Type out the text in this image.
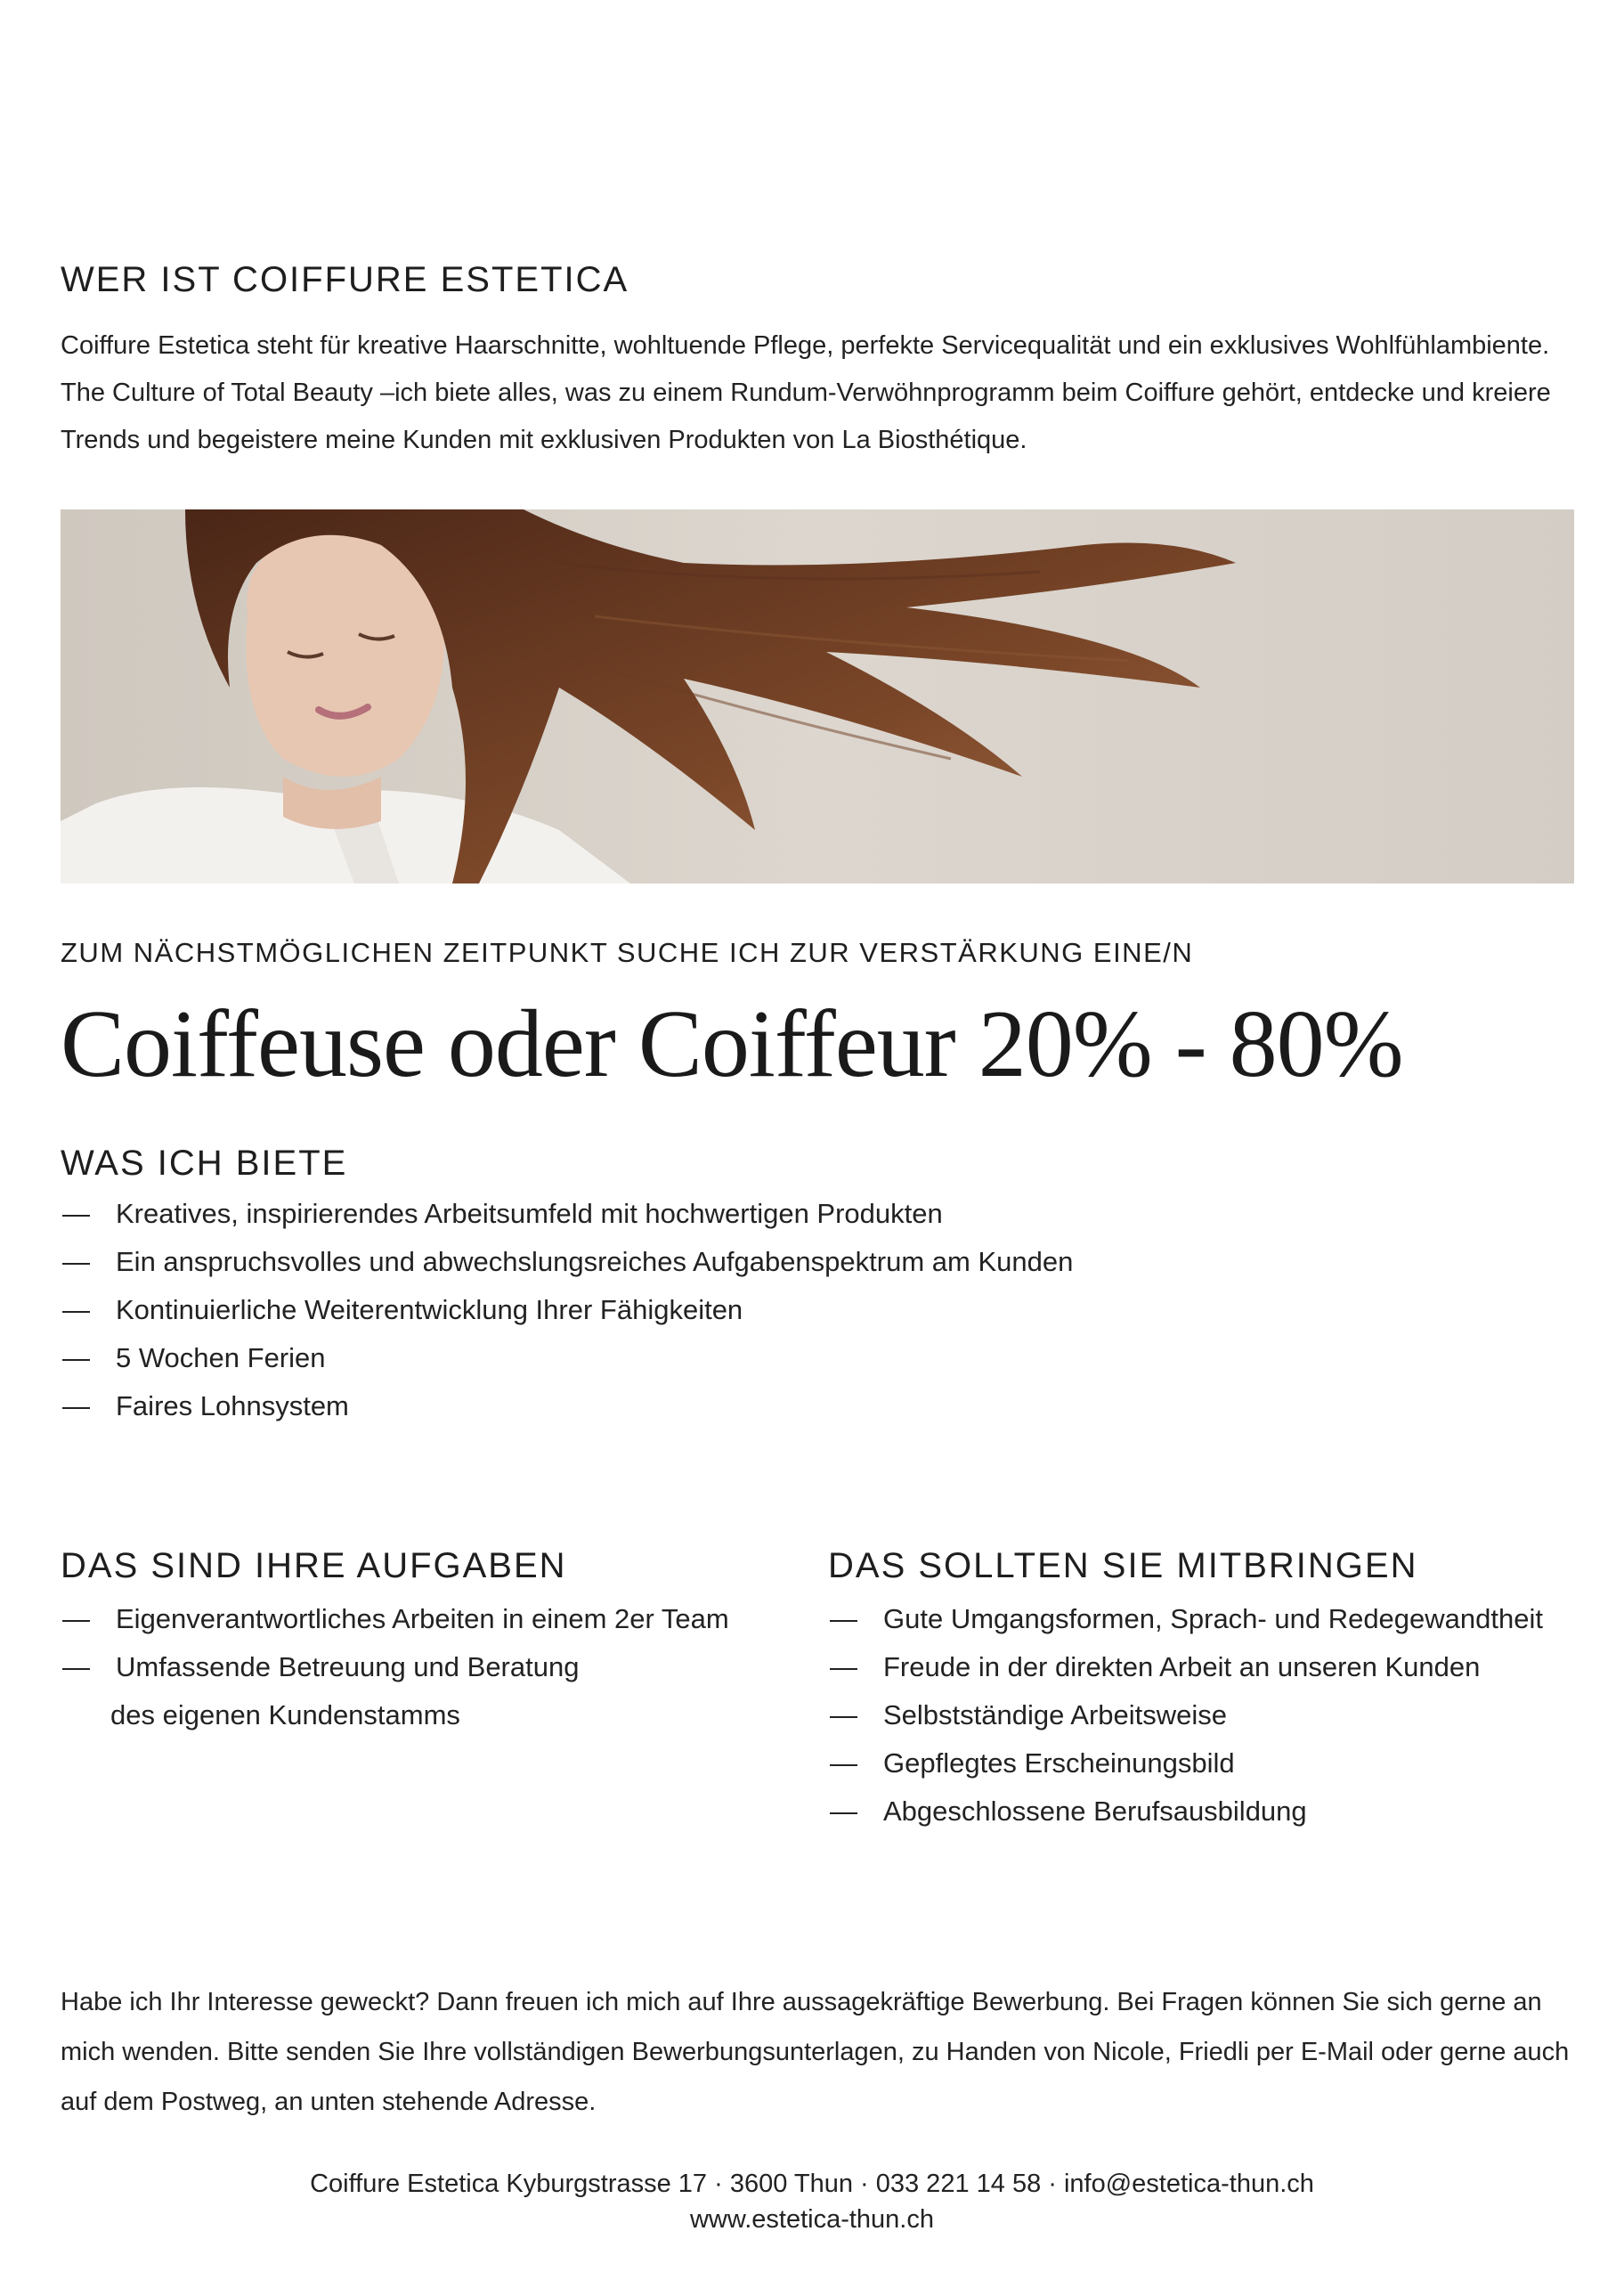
WER IST COIFFURE ESTETICA

Coiffure Estetica steht für kreative Haarschnitte, wohltuende Pflege, perfekte Servicequalität und ein exklusives Wohlfühlambiente. The Culture of Total Beauty –ich biete alles, was zu einem Rundum-Verwöhnprogramm beim Coiffure gehört, entdecke und kreiere Trends und begeistere meine Kunden mit exklusiven Produkten von La Biosthétique.

ZUM NÄCHSTMÖGLICHEN ZEITPUNKT SUCHE ICH ZUR VERSTÄRKUNG EINE/N
Coiffeuse oder Coiffeur 20% - 80%
WAS ICH BIETE
— Kreatives, inspirierendes Arbeitsumfeld mit hochwertigen Produkten
— Ein anspruchsvolles und abwechslungsreiches Aufgabenspektrum am Kunden
— Kontinuierliche Weiterentwicklung Ihrer Fähigkeiten
— 5 Wochen Ferien
— Faires Lohnsystem
DAS SIND IHRE AUFGABEN
— Eigenverantwortliches Arbeiten in einem 2er Team
— Umfassende Betreuung und Beratung
des eigenen Kundenstamms
DAS SOLLTEN SIE MITBRINGEN
— Gute Umgangsformen, Sprach- und Redegewandtheit
— Freude in der direkten Arbeit an unseren Kunden
— Selbstständige Arbeitsweise
— Gepflegtes Erscheinungsbild
— Abgeschlossene Berufsausbildung

Habe ich Ihr Interesse geweckt? Dann freuen ich mich auf Ihre aussagekräftige Bewerbung. Bei Fragen können Sie sich gerne an mich wenden. Bitte senden Sie Ihre vollständigen Bewerbungsunterlagen, zu Handen von Nicole, Friedli per E-Mail oder gerne auch auf dem Postweg, an unten stehende Adresse.

Coiffure Estetica Kyburgstrasse 17 · 3600 Thun · 033 221 14 58 · info@estetica-thun.ch

www.estetica-thun.ch
